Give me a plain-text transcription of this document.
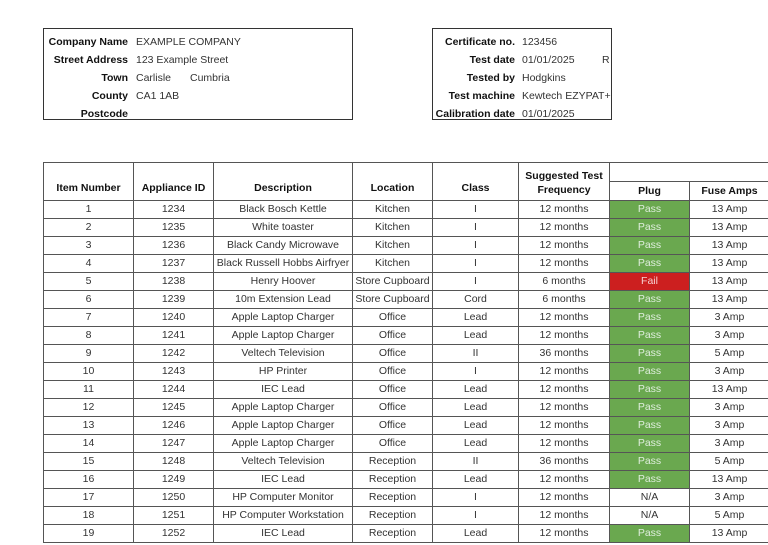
Company Name EXAMPLE COMPANY
Street Address 123 Example Street
Town Carlisle Cumbria
County CA1 1AB
Postcode
Certificate no. 123456
Test date 01/01/2025	R
Tested by Hodgkins
Test machine Kewtech EZYPAT+
Calibration date 01/01/2025
Item Number	Appliance ID	Description	Location	Class	Suggested Test Frequency	
						Plug	Fuse Amps	
1	1234	Black Bosch Kettle	Kitchen	I	12 months	Pass	13 Amp	
2	1235	White toaster	Kitchen	I	12 months	Pass	13 Amp	
3	1236	Black Candy Microwave	Kitchen	I	12 months	Pass	13 Amp	
4	1237	Black Russell Hobbs Airfryer	Kitchen	I	12 months	Pass	13 Amp	
5	1238	Henry Hoover	Store Cupboard	I	6 months	Fail	13 Amp	
6	1239	10m Extension Lead	Store Cupboard	Cord	6 months	Pass	13 Amp	
7	1240	Apple Laptop Charger	Office	Lead	12 months	Pass	3 Amp	
8	1241	Apple Laptop Charger	Office	Lead	12 months	Pass	3 Amp	
9	1242	Veltech Television	Office	II	36 months	Pass	5 Amp	
10	1243	HP Printer	Office	I	12 months	Pass	3 Amp	
11	1244	IEC Lead	Office	Lead	12 months	Pass	13 Amp	
12	1245	Apple Laptop Charger	Office	Lead	12 months	Pass	3 Amp	
13	1246	Apple Laptop Charger	Office	Lead	12 months	Pass	3 Amp	
14	1247	Apple Laptop Charger	Office	Lead	12 months	Pass	3 Amp	
15	1248	Veltech Television	Reception	II	36 months	Pass	5 Amp	
16	1249	IEC Lead	Reception	Lead	12 months	Pass	13 Amp	
17	1250	HP Computer Monitor	Reception	I	12 months	N/A	3 Amp	
18	1251	HP Computer Workstation	Reception	I	12 months	N/A	5 Amp	
19	1252	IEC Lead	Reception	Lead	12 months	Pass	13 Amp	
